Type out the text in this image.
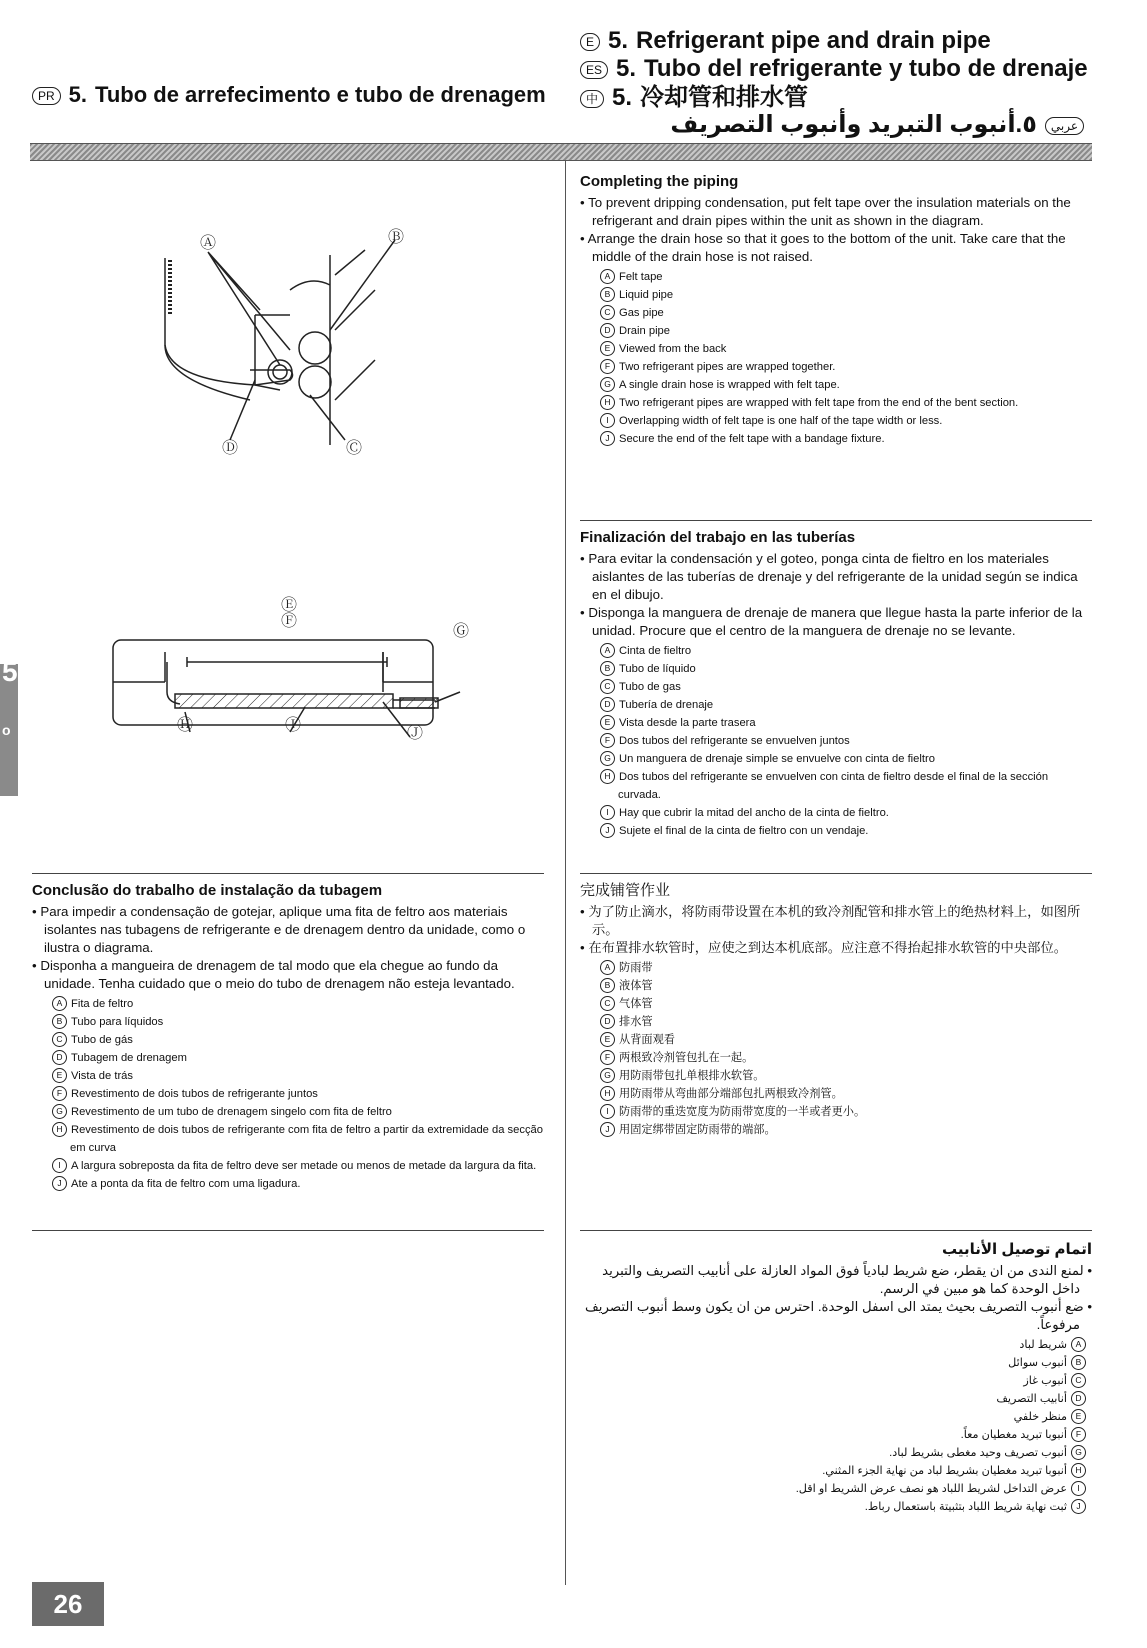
PR 5. Tubo de arrefecimento e tubo de drenagem
E 5. Refrigerant pipe and drain pipe
ES 5. Tubo del refrigerante y tubo de drenaje
中 5. 冷却管和排水管
عربي٥.أنبوب التبريد وأنبوب التصريف
Ⓐ	Ⓑ
Ⓒ
Ⓓ
Ⓔ
Ⓕ
Ⓖ
Ⓗ	Ⓘ	Ⓙ
5
o
26
Completing the piping

• To prevent dripping condensation, put felt tape over the insulation materials on the refrigerant and drain pipes within the unit as shown in the diagram.

• Arrange the drain hose so that it goes to the bottom of the unit. Take care that the middle of the drain hose is not raised.

A Felt tape
B Liquid pipe
C Gas pipe
D Drain pipe
E Viewed from the back
F Two refrigerant pipes are wrapped together.
G A single drain hose is wrapped with felt tape.
H Two refrigerant pipes are wrapped with felt tape from the end of the bent section.
I Overlapping width of felt tape is one half of the tape width or less.
J Secure the end of the felt tape with a bandage fixture.
Finalización del trabajo en las tuberías

• Para evitar la condensación y el goteo, ponga cinta de fieltro en los materiales aislantes de las tuberías de drenaje y del refrigerante de la unidad según se indica en el dibujo.

• Disponga la manguera de drenaje de manera que llegue hasta la parte inferior de la unidad. Procure que el centro de la manguera de drenaje no se levante.

A Cinta de fieltro
B Tubo de líquido
C Tubo de gas
D Tubería de drenaje
E Vista desde la parte trasera
F Dos tubos del refrigerante se envuelven juntos
G Un manguera de drenaje simple se envuelve con cinta de fieltro
H Dos tubos del refrigerante se envuelven con cinta de fieltro desde el final de la sección curvada.
I Hay que cubrir la mitad del ancho de la cinta de fieltro.
J Sujete el final de la cinta de fieltro con un vendaje.
Conclusão do trabalho de instalação da tubagem

• Para impedir a condensação de gotejar, aplique uma fita de feltro aos materiais isolantes nas tubagens de refrigerante e de drenagem dentro da unidade, como o ilustra o diagrama.

• Disponha a mangueira de drenagem de tal modo que ela chegue ao fundo da unidade. Tenha cuidado que o meio do tubo de drenagem não esteja levantado.

A Fita de feltro
B Tubo para líquidos
C Tubo de gás
D Tubagem de drenagem
E Vista de trás
F Revestimento de dois tubos de refrigerante juntos
G Revestimento de um tubo de drenagem singelo com fita de feltro
H Revestimento de dois tubos de refrigerante com fita de feltro a partir da extremidade da secção em curva
I A largura sobreposta da fita de feltro deve ser metade ou menos de metade da largura da fita.
J Ate a ponta da fita de feltro com uma ligadura.
完成铺管作业

• 为了防止滴水，将防雨带设置在本机的致冷剂配管和排水管上的绝热材料上，如图所示。

• 在布置排水软管时，应使之到达本机底部。应注意不得抬起排水软管的中央部位。

A 防雨带
B 液体管
C 气体管
D 排水管
E 从背面观看
F 两根致冷剂管包扎在一起。
G 用防雨带包扎单根排水软管。
H 用防雨带从弯曲部分端部包扎两根致冷剂管。
I 防雨带的重迭宽度为防雨带宽度的一半或者更小。
J 用固定绑带固定防雨带的端部。
اتمام توصيل الأنابيب

• لمنع الندى من ان يقطر، ضع شريط لبادياً فوق المواد العازلة على أنابيب التصريف والتبريد داخل الوحدة كما هو مبين في الرسم.

• ضع أنبوب التصريف بحيث يمتد الى اسفل الوحدة. احترس من ان يكون وسط أنبوب التصريف مرفوعاً.

Aشريط لباد
Bأنبوب سوائل
Cأنبوب غاز
Dأنابيب التصريف
Eمنظر خلفي
Fأنبوبا تبريد مغطيان معاً.
Gأنبوب تصريف وحيد مغطى بشريط لباد.
Hأنبوبا تبريد مغطيان بشريط لباد من نهاية الجزء المثني.
Iعرض التداخل لشريط اللباد هو نصف عرض الشريط او اقل.
Jثبت نهاية شريط اللباد بتثبيتة باستعمال رباط.
